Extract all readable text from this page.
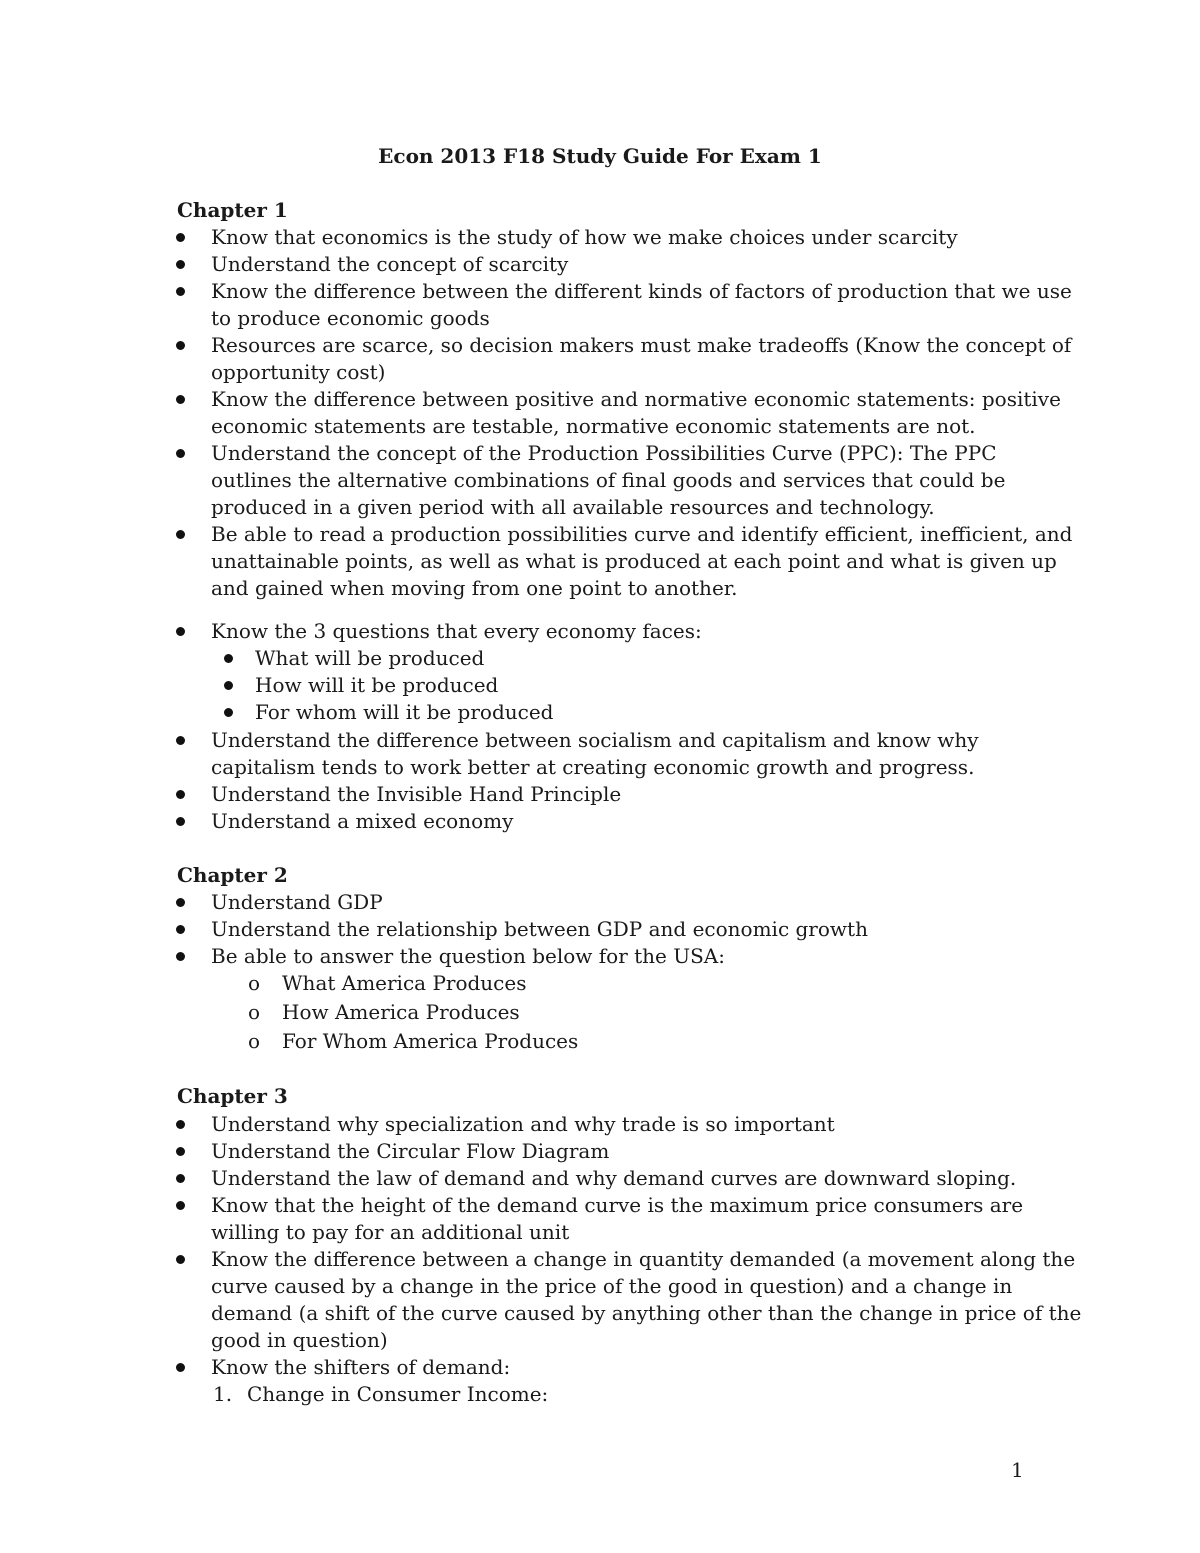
Econ 2013 F18 Study Guide For Exam 1
Chapter 1
Know that economics is the study of how we make choices under scarcity
Understand the concept of scarcity
Know the difference between the different kinds of factors of production that we use
to produce economic goods
Resources are scarce, so decision makers must make tradeoffs (Know the concept of
opportunity cost)
Know the difference between positive and normative economic statements: positive
economic statements are testable, normative economic statements are not.
Understand the concept of the Production Possibilities Curve (PPC): The PPC
outlines the alternative combinations of final goods and services that could be
produced in a given period with all available resources and technology.
Be able to read a production possibilities curve and identify efficient, inefficient, and
unattainable points, as well as what is produced at each point and what is given up
and gained when moving from one point to another.
Know the 3 questions that every economy faces:
What will be produced
How will it be produced
For whom will it be produced
Understand the difference between socialism and capitalism and know why
capitalism tends to work better at creating economic growth and progress.
Understand the Invisible Hand Principle
Understand a mixed economy
Chapter 2
Understand GDP
Understand the relationship between GDP and economic growth
Be able to answer the question below for the USA:
o What America Produces
o How America Produces
o For Whom America Produces
Chapter 3
Understand why specialization and why trade is so important
Understand the Circular Flow Diagram
Understand the law of demand and why demand curves are downward sloping.
Know that the height of the demand curve is the maximum price consumers are
willing to pay for an additional unit
Know the difference between a change in quantity demanded (a movement along the
curve caused by a change in the price of the good in question) and a change in
demand (a shift of the curve caused by anything other than the change in price of the
good in question)
Know the shifters of demand:
1. Change in Consumer Income:
1
